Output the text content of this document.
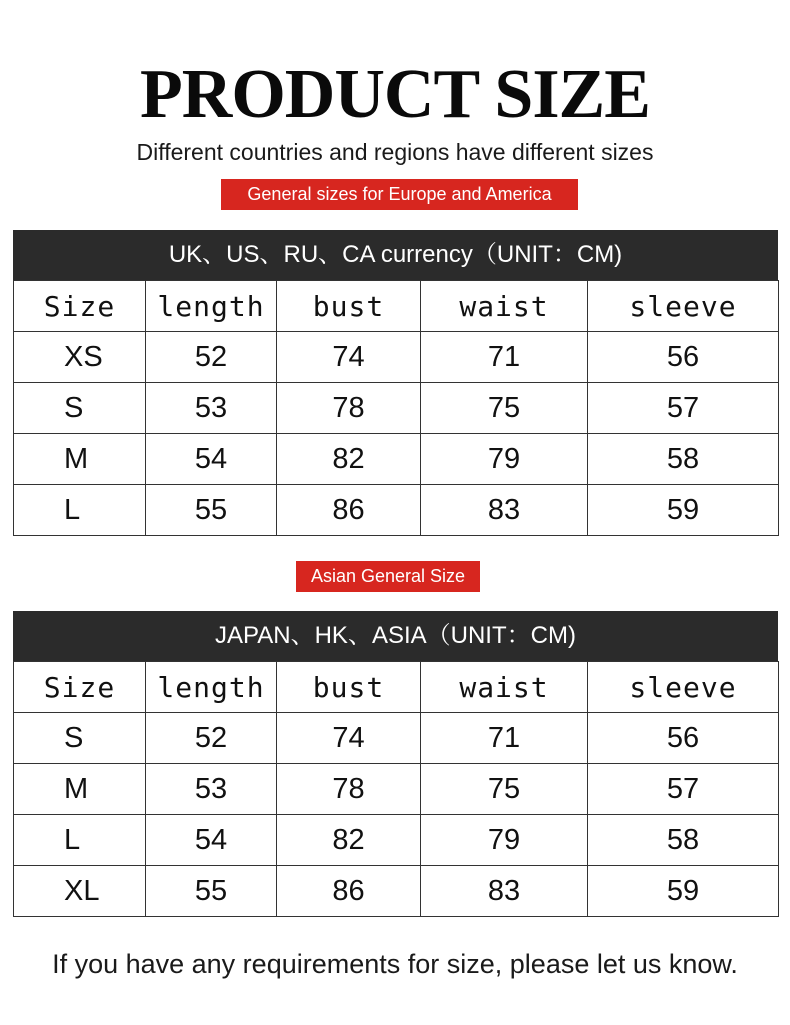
PRODUCT SIZE
Different countries and regions have different sizes
General sizes for Europe and America
UK、US、RU、CA currency（UNIT：CM)
Size	length	bust	waist	sleeve
XS	52	74	71	56
S	53	78	75	57
M	54	82	79	58
L	55	86	83	59
Asian General Size
JAPAN、HK、ASIA（UNIT：CM)
Size	length	bust	waist	sleeve
S	52	74	71	56
M	53	78	75	57
L	54	82	79	58
XL	55	86	83	59
If you have any requirements for size, please let us know.
